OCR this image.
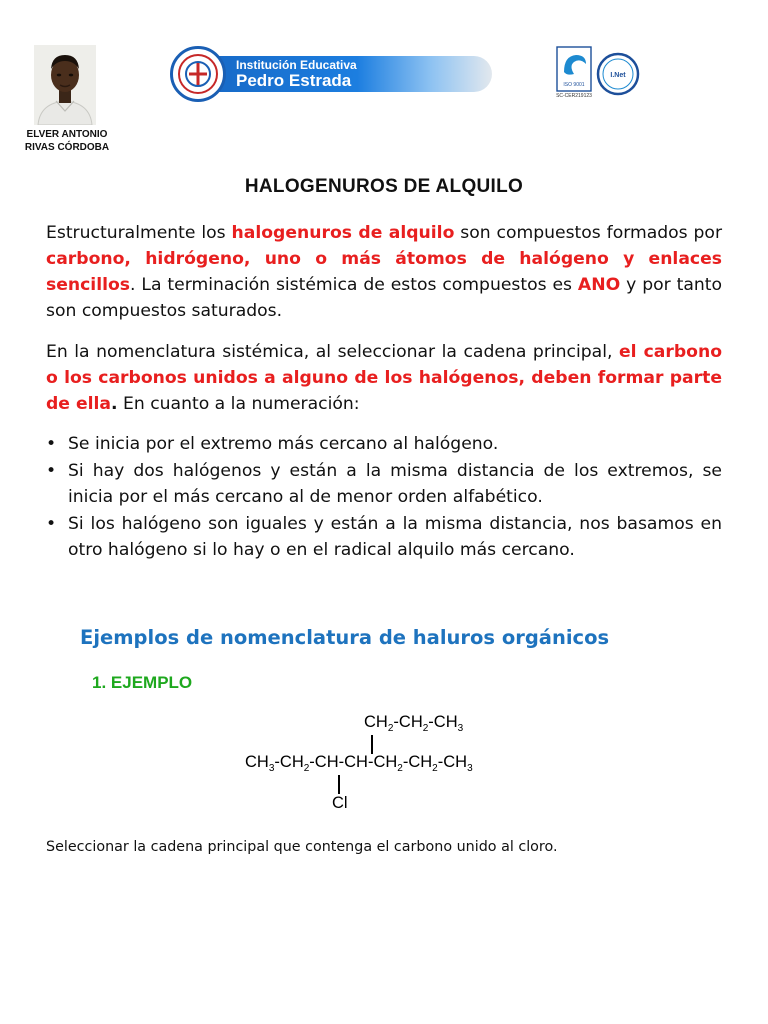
ELVER ANTONIO RIVAS CÓRDOBA
Institución Educativa
Pedro Estrada	ISO 9001
SC-CER219123
I.Net
HALOGENUROS DE ALQUILO
Estructuralmente los halogenuros de alquilo son compuestos formados por carbono, hidrógeno, uno o más átomos de halógeno y enlaces sencillos. La terminación sistémica de estos compuestos es ANO y por tanto son compuestos saturados.
En la nomenclatura sistémica, al seleccionar la cadena principal, el carbono o los carbonos unidos a alguno de los halógenos, deben formar parte de ella. En cuanto a la numeración:
• Se inicia por el extremo más cercano al halógeno.
• Si hay dos halógenos y están a la misma distancia de los extremos, se inicia por el más cercano al de menor orden alfabético.
• Si los halógeno son iguales y están a la misma distancia, nos basamos en otro halógeno si lo hay o en el radical alquilo más cercano.
Ejemplos de nomenclatura de haluros orgánicos
1. EJEMPLO
$CH_2-CH_2-CH_3$
$CH_3-CH_2-CH-CH-CH_2-CH_2-CH_3$
Cl
Seleccionar la cadena principal que contenga el carbono unido al cloro.
